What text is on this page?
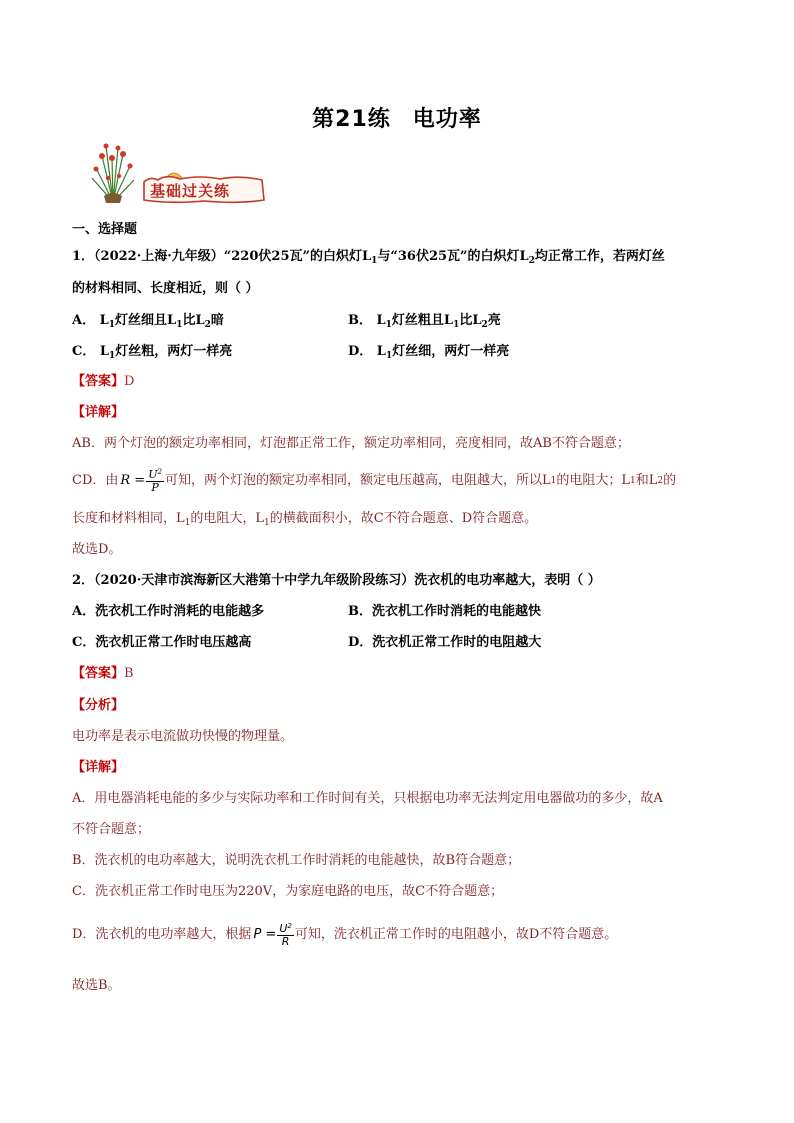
第21练 电功率
基础过关练
一、选择题
1．（2022·上海·九年级）“220伏25瓦”的白炽灯$L_1$与“36伏25瓦”的白炽灯$L_2$均正常工作，若两灯丝
的材料相同、长度相近，则（ ）
A． $L_1$灯丝细且$L_1$比$L_2$暗	B． $L_1$灯丝粗且$L_1$比$L_2$亮
C． $L_1$灯丝粗，两灯一样亮	D． $L_1$灯丝细，两灯一样亮
【答案】D
【详解】
AB．两个灯泡的额定功率相同，灯泡都正常工作，额定功率相同，亮度相同，故AB不符合题意；
CD．由 $R = \frac{U^2}{P}$ 可知，两个灯泡的额定功率相同，额定电压越高，电阻越大，所以L 1 的电阻大；L 1 和L 2 的
长度和材料相同，$L_1$的电阻大，$L_1$的横截面积小，故C不符合题意、D符合题意。
故选D。
2．（2020·天津市滨海新区大港第十中学九年级阶段练习）洗衣机的电功率越大，表明（ ）
A．洗衣机工作时消耗的电能越多	B．洗衣机工作时消耗的电能越快
C．洗衣机正常工作时电压越高	D．洗衣机正常工作时的电阻越大
【答案】B
【分析】
电功率是表示电流做功快慢的物理量。
【详解】
A．用电器消耗电能的多少与实际功率和工作时间有关，只根据电功率无法判定用电器做功的多少，故A
不符合题意；
B．洗衣机的电功率越大，说明洗衣机工作时消耗的电能越快，故B符合题意；
C．洗衣机正常工作时电压为220V，为家庭电路的电压，故C不符合题意；
D．洗衣机的电功率越大，根据 $P = \frac{U^2}{R}$ 可知，洗衣机正常工作时的电阻越小，故D不符合题意。
故选B。
